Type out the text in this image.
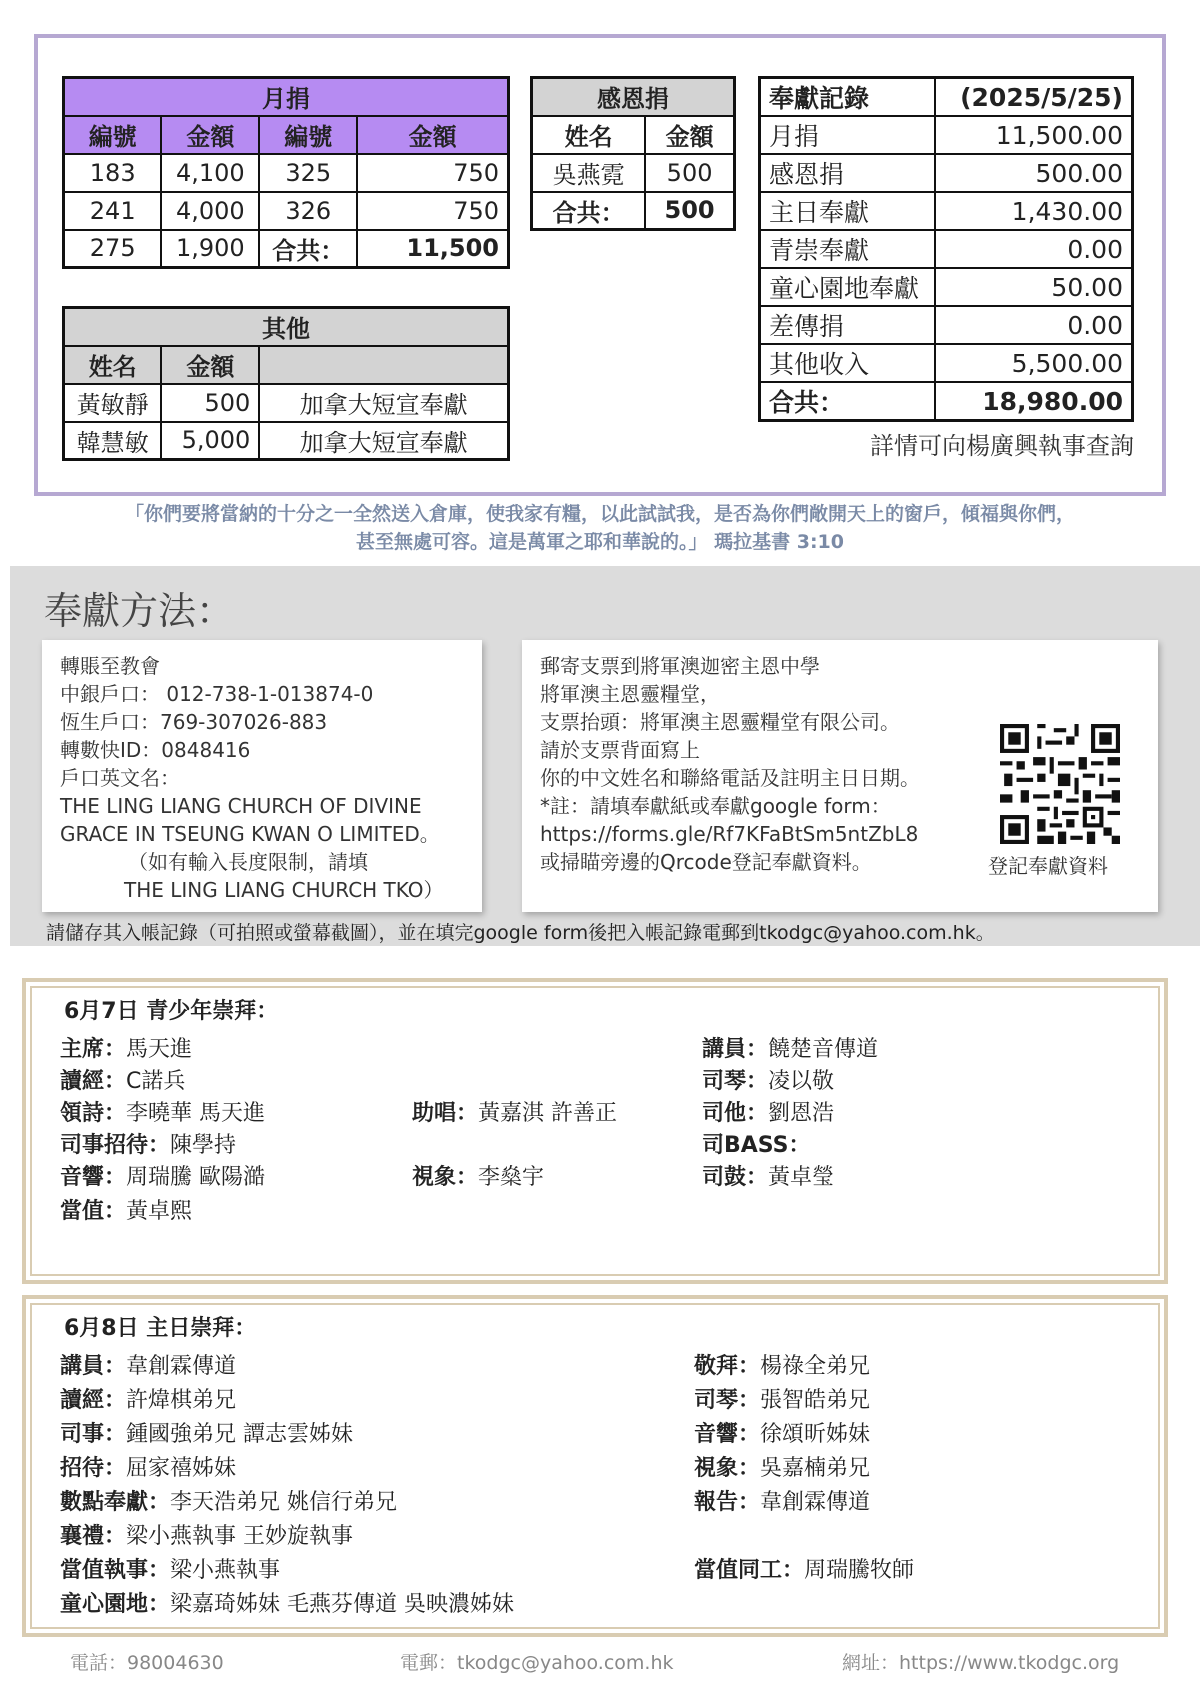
月捐			
編號	金額	編號	金額
183	4,100	325	750
241	4,000	326	750
275	1,900	合共：	11,500
感恩捐	
姓名	金額
吳燕霓	500
合共：	500
其他		
姓名	金額	
黃敏靜	500	加拿大短宣奉獻
韓慧敏	5,000	加拿大短宣奉獻
奉獻記錄	(2025/5/25)
月捐	11,500.00
感恩捐	500.00
主日奉獻	1,430.00
青崇奉獻	0.00
童心園地奉獻	50.00
差傳捐	0.00
其他收入	5,500.00
合共：	18,980.00
詳情可向楊廣興執事查詢
「你們要將當納的十分之一全然送入倉庫，使我家有糧，以此試試我，是否為你們敞開天上的窗戶，傾福與你們，
甚至無處可容。這是萬軍之耶和華說的。」 瑪拉基書 3:10
奉獻方法：

轉賬至教會

中銀戶口： 012-738-1-013874-0

恆生戶口：769-307026-883

轉數快ID：0848416

戶口英文名：

THE LING LIANG CHURCH OF DIVINE

GRACE IN TSEUNG KWAN O LIMITED。

（如有輸入長度限制，請填

THE LING LIANG CHURCH TKO）

郵寄支票到將軍澳迦密主恩中學

將軍澳主恩靈糧堂，

支票抬頭：將軍澳主恩靈糧堂有限公司。

請於支票背面寫上

你的中文姓名和聯絡電話及註明主日日期。

*註：請填奉獻紙或奉獻google form：

https://forms.gle/Rf7KFaBtSm5ntZbL8

或掃瞄旁邊的Qrcode登記奉獻資料。	登記奉獻資料
請儲存其入帳記錄（可拍照或螢幕截圖），並在填完google form後把入帳記錄電郵到tkodgc@yahoo.com.hk。
6月7日 青少年崇拜：
主席：馬天進
讀經：C諾兵
領詩：李曉華 馬天進
司事招待：陳學持
音響：周瑞騰 歐陽澔
當值：黃卓熙
助唱：黃嘉淇 許善正
視象：李燊宇
講員：饒楚音傳道
司琴：凌以敬
司他：劉恩浩
司BASS：
司鼓：黃卓瑩
6月8日 主日崇拜：
講員：韋創霖傳道
讀經：許煒棋弟兄
司事：鍾國強弟兄 譚志雲姊妹
招待：屈家禧姊妹
數點奉獻：李天浩弟兄 姚信行弟兄
襄禮：梁小燕執事 王妙旋執事
當值執事：梁小燕執事
童心園地：梁嘉琦姊妹 毛燕芬傳道 吳映濃姊妹
敬拜：楊祿全弟兄
司琴：張智皓弟兄
音響：徐頌昕姊妹
視象：吳嘉楠弟兄
報告：韋創霖傳道
當值同工：周瑞騰牧師
電話：98004630	電郵：tkodgc@yahoo.com.hk	網址：https://www.tkodgc.org
